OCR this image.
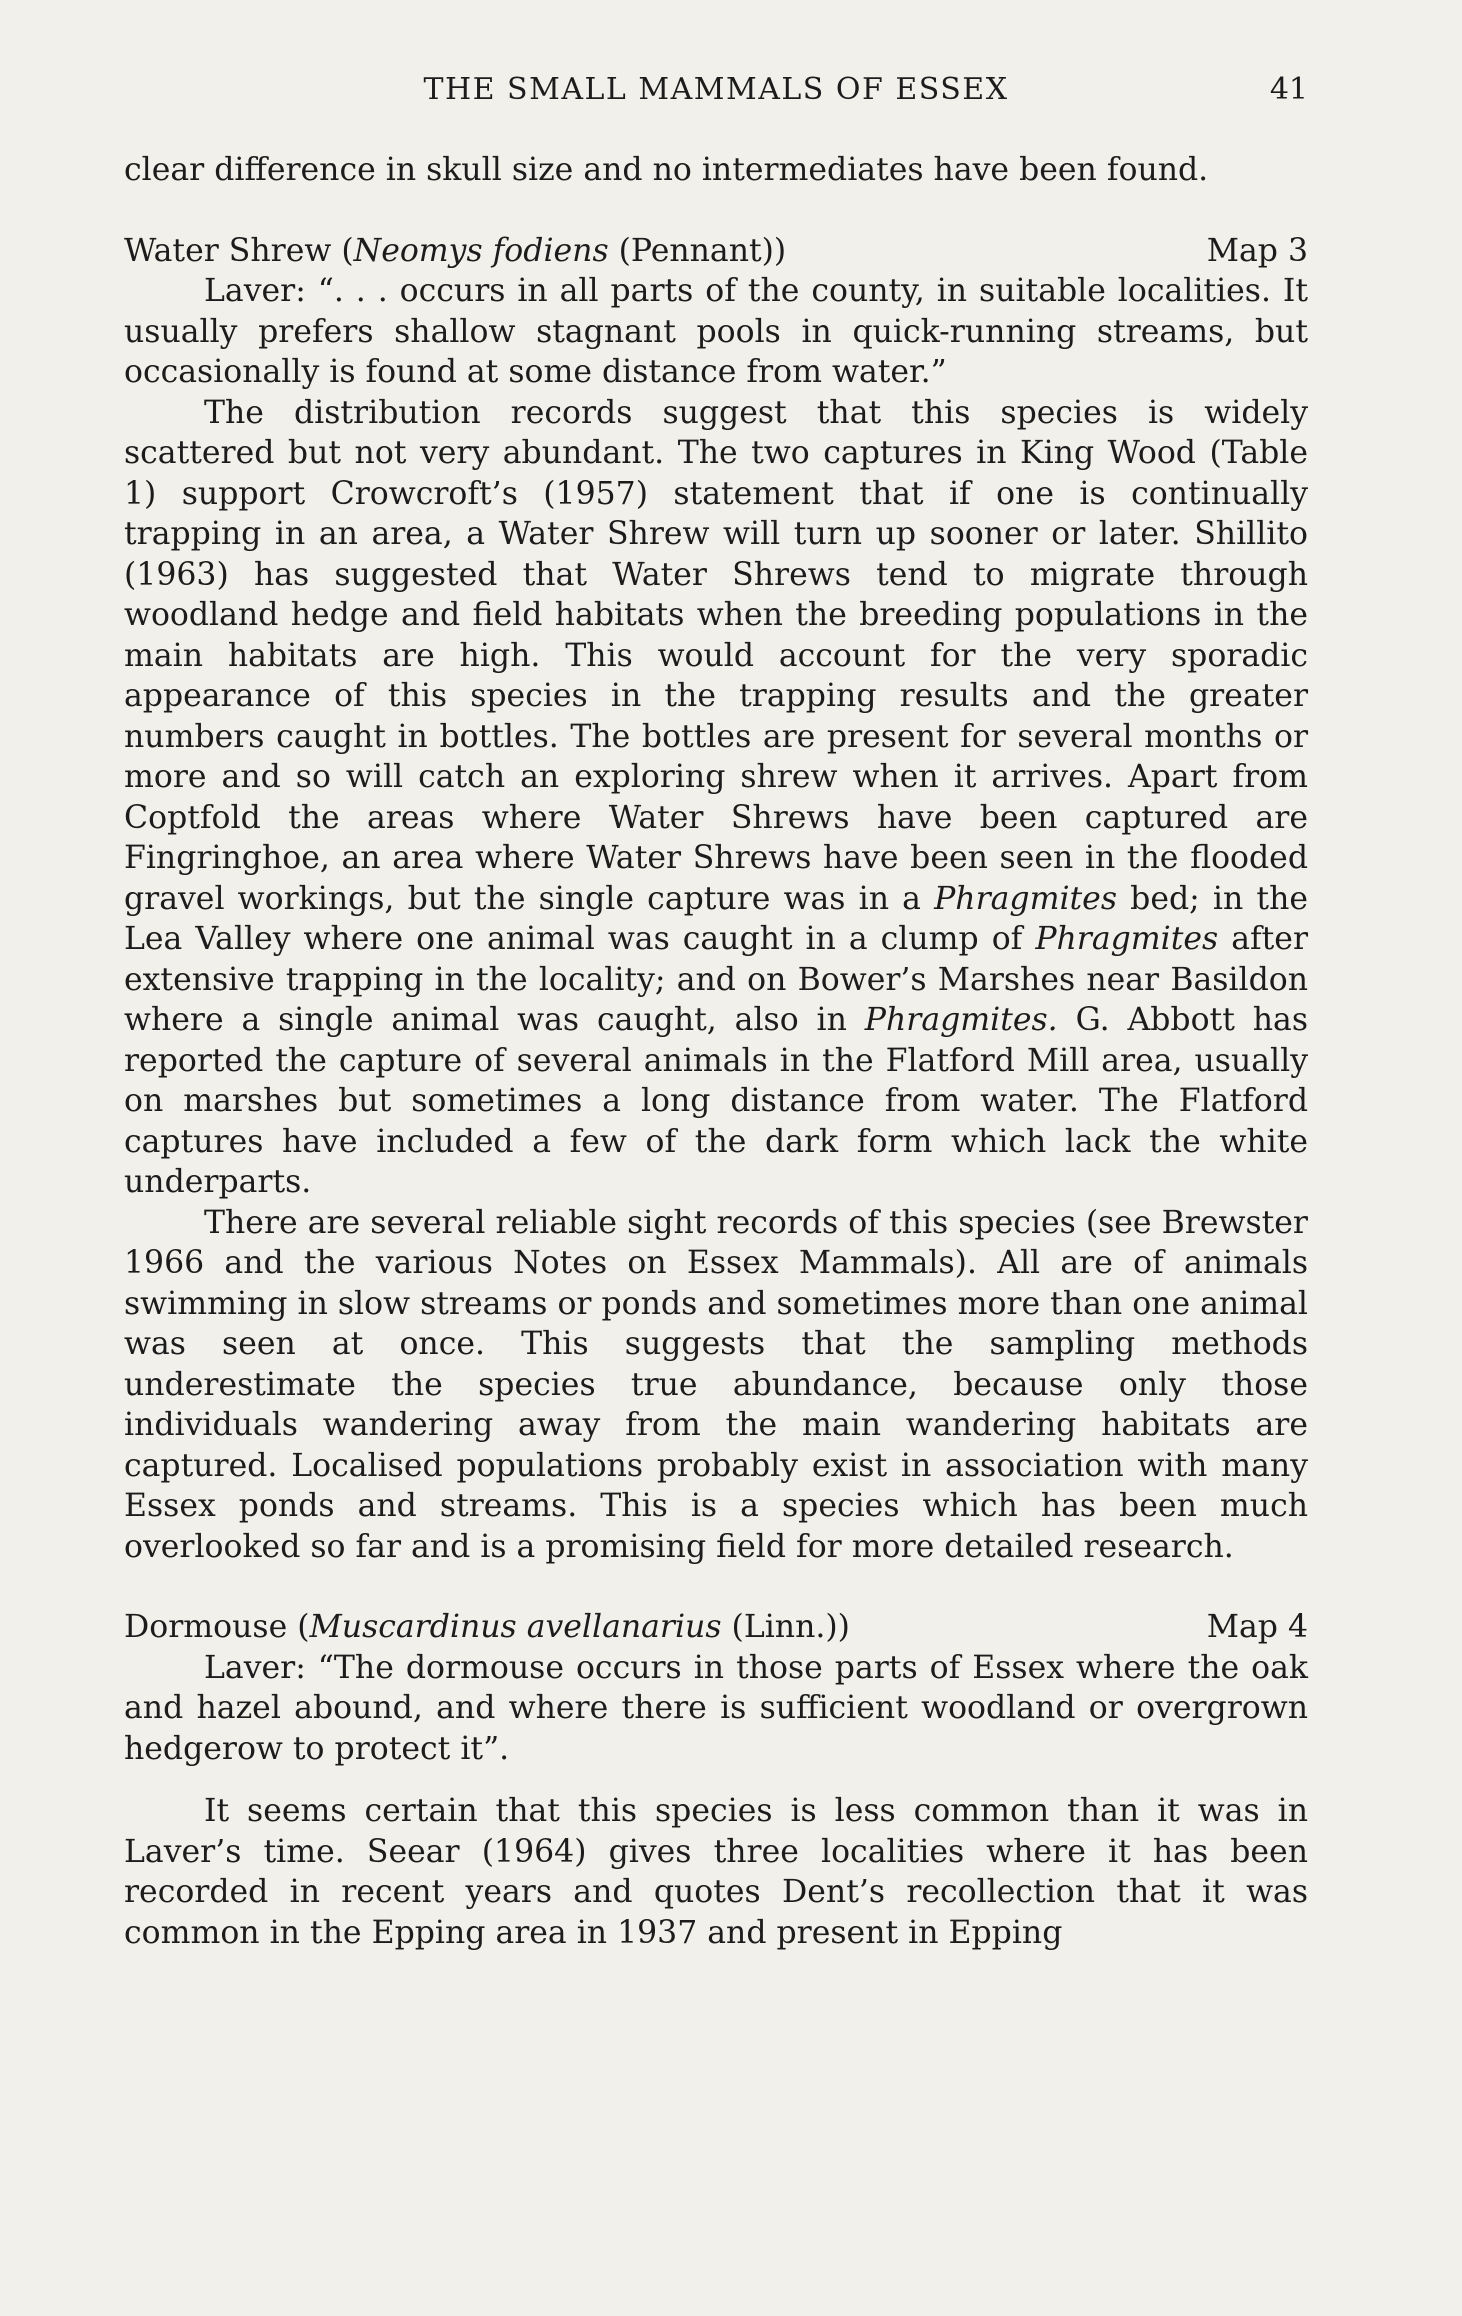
THE SMALL MAMMALS OF ESSEX	41

clear difference in skull size and no intermediates have been found.

Water Shrew (Neomys fodiens (Pennant))	Map 3

Laver: “. . . occurs in all parts of the county, in suitable localities. It usually prefers shallow stagnant pools in quick-running streams, but occasionally is found at some distance from water.”

The distribution records suggest that this species is widely scattered but not very abundant. The two captures in King Wood (Table 1) support Crowcroft’s (1957) statement that if one is continually trapping in an area, a Water Shrew will turn up sooner or later. Shillito (1963) has suggested that Water Shrews tend to migrate through woodland hedge and field habitats when the breeding populations in the main habitats are high. This would account for the very sporadic appearance of this species in the trapping results and the greater numbers caught in bottles. The bottles are present for several months or more and so will catch an exploring shrew when it arrives. Apart from Coptfold the areas where Water Shrews have been captured are Fingringhoe, an area where Water Shrews have been seen in the flooded gravel workings, but the single capture was in a Phragmites bed; in the Lea Valley where one animal was caught in a clump of Phragmites after extensive trapping in the locality; and on Bower’s Marshes near Basildon where a single animal was caught, also in Phragmites. G. Abbott has reported the capture of several animals in the Flatford Mill area, usually on marshes but sometimes a long distance from water. The Flatford captures have included a few of the dark form which lack the white underparts.

There are several reliable sight records of this species (see Brewster 1966 and the various Notes on Essex Mammals). All are of animals swimming in slow streams or ponds and sometimes more than one animal was seen at once. This suggests that the sampling methods underestimate the species true abundance, because only those individuals wandering away from the main wandering habitats are captured. Localised populations probably exist in association with many Essex ponds and streams. This is a species which has been much overlooked so far and is a promising field for more detailed research.

Dormouse (Muscardinus avellanarius (Linn.))	Map 4

Laver: “The dormouse occurs in those parts of Essex where the oak and hazel abound, and where there is sufficient woodland or overgrown hedgerow to protect it”.

It seems certain that this species is less common than it was in Laver’s time. Seear (1964) gives three localities where it has been recorded in recent years and quotes Dent’s recollection that it was common in the Epping area in 1937 and present in Epping
